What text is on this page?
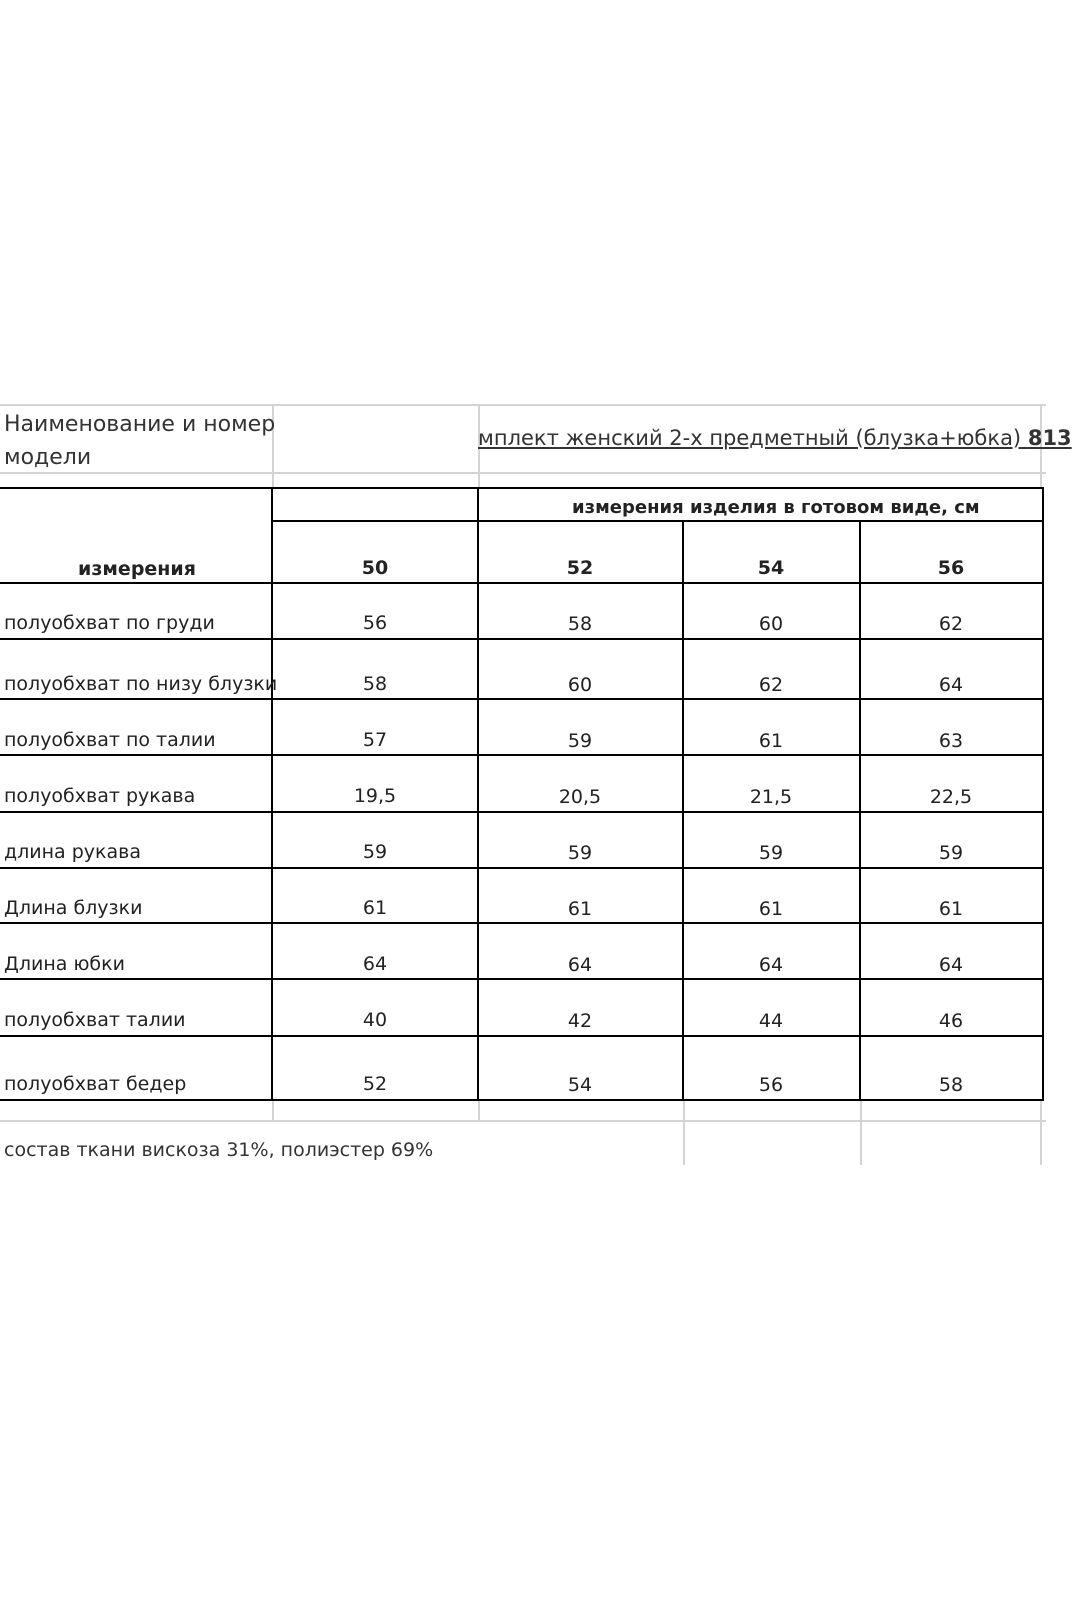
Наименование и номер
модели
мплект женский 2-х предметный (блузка+юбка) 813
измерения изделия в готовом виде, см
измерения	50	52	54	56
полуобхват по груди	56	58	60	62
полуобхват по низу блузки	58	60	62	64
полуобхват по талии	57	59	61	63
полуобхват рукава	19,5	20,5	21,5	22,5
длина рукава	59	59	59	59
Длина блузки	61	61	61	61
Длина юбки	64	64	64	64
полуобхват талии	40	42	44	46
полуобхват бедер	52	54	56	58
состав ткани вискоза 31%, полиэстер 69%
